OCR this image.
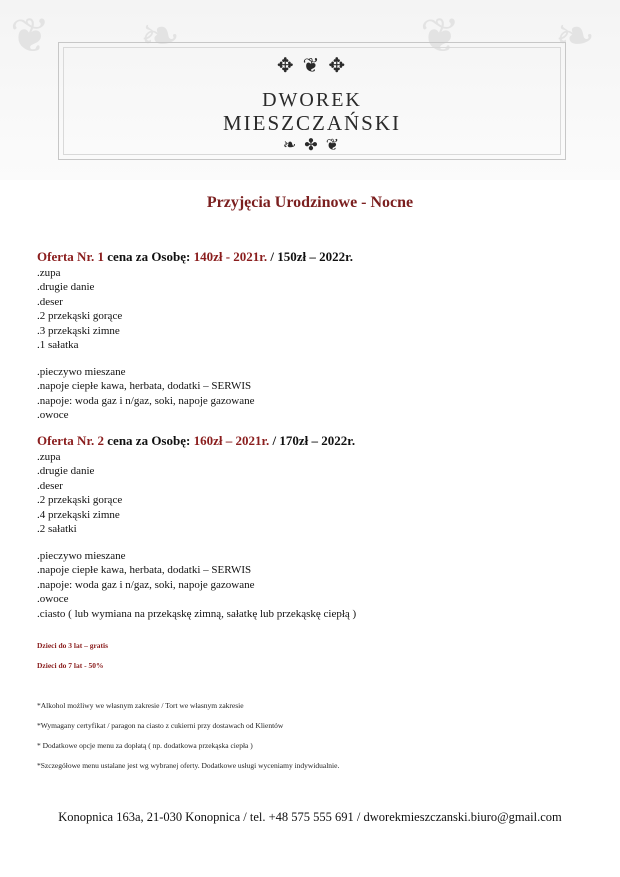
❦ ❧	❦ ❧
✥ ❦ ✥
DWOREK
MIESZCZAŃSKI
❧ ✤ ❦
Przyjęcia Urodzinowe - Nocne
Oferta Nr. 1 cena za Osobę: 140zł - 2021r. / 150zł – 2022r.
.zupa
.drugie danie
.deser
.2 przekąski gorące
.3 przekąski zimne
.1 sałatka
.pieczywo mieszane
.napoje ciepłe kawa, herbata, dodatki – SERWIS
.napoje: woda gaz i n/gaz, soki, napoje gazowane
.owoce
Oferta Nr. 2 cena za Osobę: 160zł – 2021r. / 170zł – 2022r.
.zupa
.drugie danie
.deser
.2 przekąski gorące
.4 przekąski zimne
.2 sałatki
.pieczywo mieszane
.napoje ciepłe kawa, herbata, dodatki – SERWIS
.napoje: woda gaz i n/gaz, soki, napoje gazowane
.owoce
.ciasto ( lub wymiana na przekąskę zimną, sałatkę lub przekąskę ciepłą )
Dzieci do 3 lat – gratis
Dzieci do 7 lat - 50%
*Alkohol możliwy we własnym zakresie / Tort we własnym zakresie
*Wymagany certyfikat / paragon na ciasto z cukierni przy dostawach od Klientów
* Dodatkowe opcje menu za dopłatą ( np. dodatkowa przekąska ciepła )
*Szczegółowe menu ustalane jest wg wybranej oferty. Dodatkowe usługi wyceniamy indywidualnie.
Konopnica 163a, 21-030 Konopnica / tel. +48 575 555 691 / dworekmieszczanski.biuro@gmail.com
